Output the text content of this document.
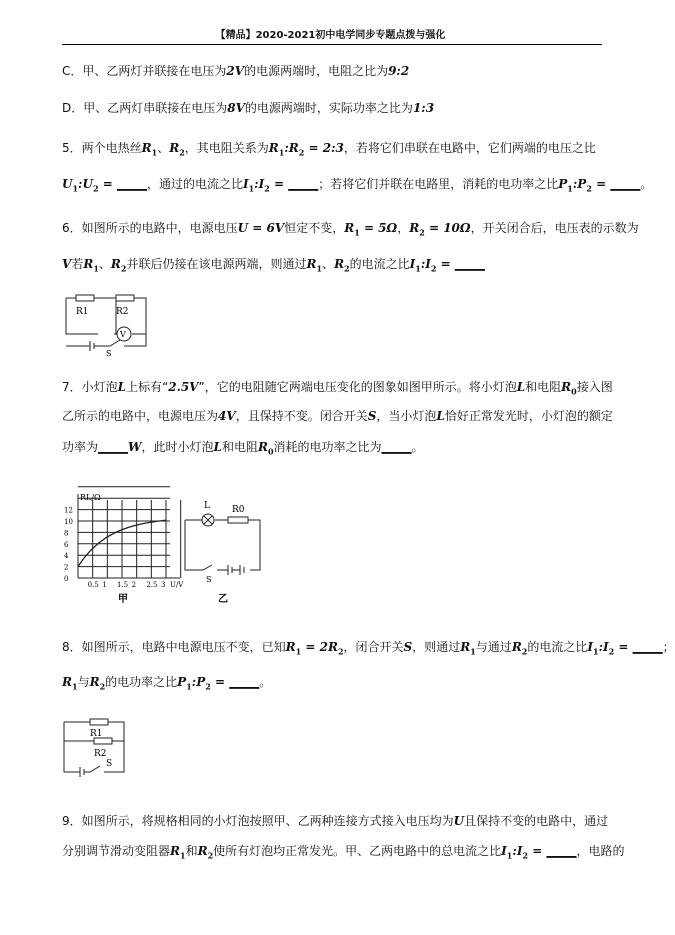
【精品】2020-2021初中电学同步专题点拨与强化
C．甲、乙两灯并联接在电压为2V的电源两端时，电阻之比为9:2
D．甲、乙两灯串联接在电压为8V的电源两端时，实际功率之比为1:3
5．两个电热丝$R_1$、$R_2$，其电阻关系为$R_1:R_2$ = 2:3，若将它们串联在电路中，它们两端的电压之比
$U_1:U_2$ = _____，通过的电流之比$I_1:I_2$ = _____；若将它们并联在电路里，消耗的电功率之比$P_1:P_2$ = _____。
6．如图所示的电路中，电源电压U = 6V恒定不变，$R_1 = 5\Omega$，$R_2 = 10\Omega$，开关闭合后，电压表的示数为
V若$R_1$、$R_2$并联后仍接在该电源两端，则通过$R_1$、$R_2$的电流之比$I_1:I_2$ = _____
R1	R2
V
S
7．小灯泡L上标有“2.5V”，它的电阻随它两端电压变化的图象如图甲所示。将小灯泡L和电阻$R_0$接入图
乙所示的电路中，电源电压为4V，且保持不变。闭合开关S，当小灯泡L恰好正常发光时，小灯泡的额定
功率为_____W，此时小灯泡L和电阻$R_0$消耗的电功率之比为_____。
0
2
4
6
8
10
12
0.5 1 1.5 2 2.5 3
RL/Ω
U/V
L R0
S
乙
甲
8．如图所示，电路中电源电压不变，已知$R_1 = 2R_2$，闭合开关S，则通过$R_1$与通过$R_2$的电流之比$I_1:I_2$ = _____；
$R_1$与$R_2$的电功率之比$P_1:P_2$ = _____。
R1
R2
S
9．如图所示，将规格相同的小灯泡按照甲、乙两种连接方式接入电压均为U且保持不变的电路中，通过
分别调节滑动变阻器$R_1$和$R_2$使所有灯泡均正常发光。甲、乙两电路中的总电流之比$I_1:I_2$ = _____，电路的
